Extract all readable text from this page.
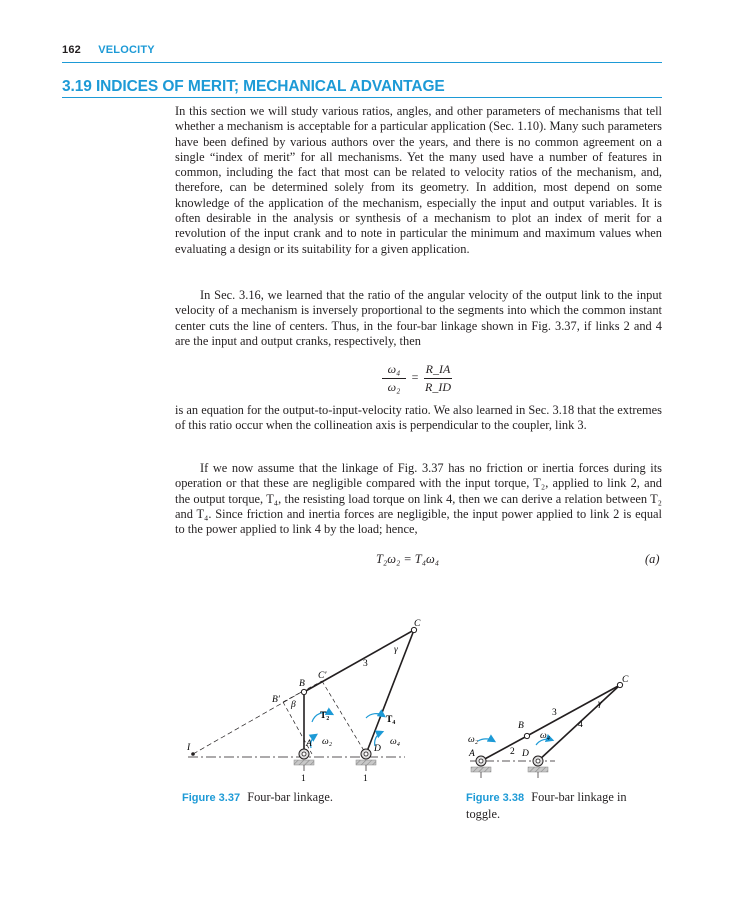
162 VELOCITY
3.19 INDICES OF MERIT; MECHANICAL ADVANTAGE

In this section we will study various ratios, angles, and other parameters of mechanisms that tell whether a mechanism is acceptable for a particular application (Sec. 1.10). Many such parameters have been defined by various authors over the years, and there is no common agreement on a single “index of merit” for all mechanisms. Yet the many used have a number of features in common, including the fact that most can be related to velocity ratios of the mechanism, and, therefore, can be determined solely from its geometry. In addition, most depend on some knowledge of the application of the mechanism, especially the input and output variables. It is often desirable in the analysis or synthesis of a mechanism to plot an index of merit for a revolution of the input crank and to note in particular the minimum and maximum values when evaluating a design or its suitability for a given application.

In Sec. 3.16, we learned that the ratio of the angular velocity of the output link to the input velocity of a mechanism is inversely proportional to the segments into which the common instant center cuts the line of centers. Thus, in the four-bar linkage shown in Fig. 3.37, if links 2 and 4 are the input and output cranks, respectively, then

ω₄
ω₂
=
R_IA
R_ID

is an equation for the output-to-input-velocity ratio. We also learned in Sec. 3.18 that the extremes of this ratio occur when the collineation axis is perpendicular to the coupler, link 3.

If we now assume that the linkage of Fig. 3.37 has no friction or inertia forces during its operation or that these are negligible compared with the input torque, T₂, applied to link 2, and the output torque, T₄, the resisting load torque on link 4, then we can derive a relation between T₂ and T₄. Since friction and inertia forces are negligible, the input power applied to link 2 is equal to the power applied to link 4 by the load; hence,

T₂ω₂ = T₄ω₄	(a)
C
γ
3
C′
B
B′ β
T₂
ω₂
T₄
ω₄
A	D
I
1	1
C
γ
3
4
B
ω₄
ω₂
A	2 D
Figure 3.37 Four-bar linkage.	Figure 3.38 Four-bar linkage in toggle.
